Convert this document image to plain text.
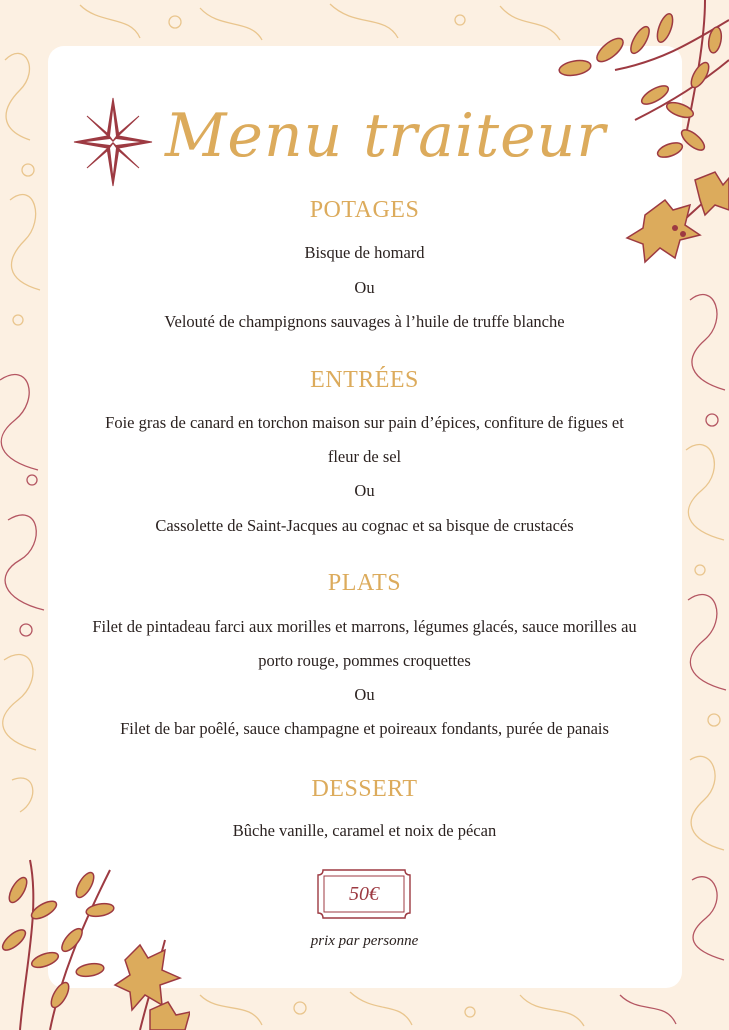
Menu traiteur
POTAGES
Bisque de homard
Ou
Velouté de champignons sauvages à l’huile de truffe blanche
ENTRÉES
Foie gras de canard en torchon maison sur pain d’épices, confiture de figues et
fleur de sel
Ou
Cassolette de Saint-Jacques au cognac et sa bisque de crustacés
PLATS
Filet de pintadeau farci aux morilles et marrons, légumes glacés, sauce morilles au
porto rouge, pommes croquettes
Ou
Filet de bar poêlé, sauce champagne et poireaux fondants, purée de panais
DESSERT
Bûche vanille, caramel et noix de pécan
50€
prix par personne
